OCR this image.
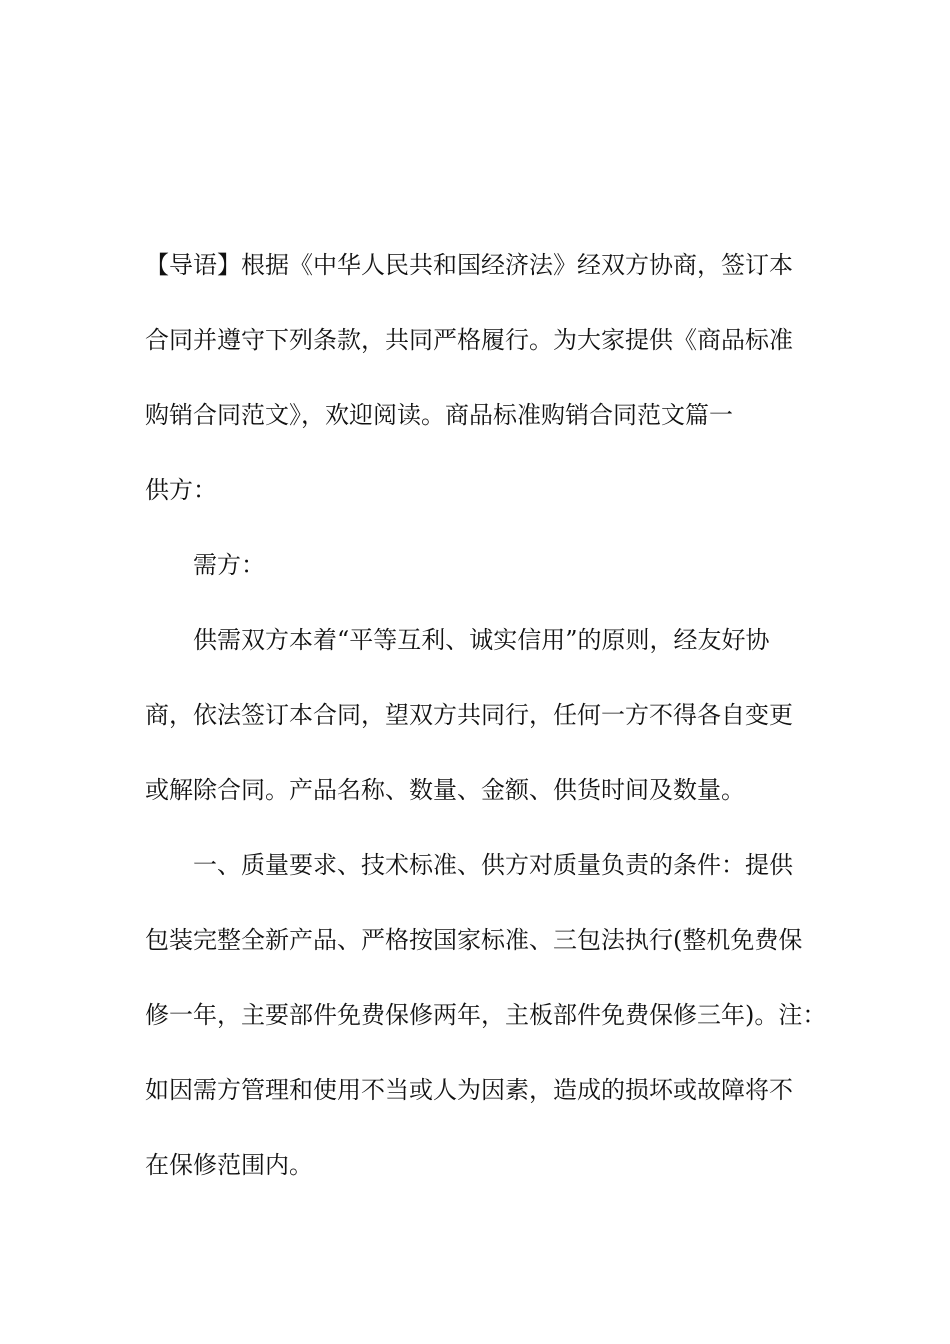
【导语】根据《中华人民共和国经济法》经双方协商，签订本
合同并遵守下列条款，共同严格履行。为大家提供《商品标准
购销合同范文》，欢迎阅读。商品标准购销合同范文篇一
供方：
需方：
供需双方本着“平等互利、诚实信用”的原则，经友好协
商，依法签订本合同，望双方共同行，任何一方不得各自变更
或解除合同。产品名称、数量、金额、供货时间及数量。
一、质量要求、技术标准、供方对质量负责的条件：提供
包装完整全新产品、严格按国家标准、三包法执行(整机免费保
修一年，主要部件免费保修两年，主板部件免费保修三年)。注：
如因需方管理和使用不当或人为因素，造成的损坏或故障将不
在保修范围内。
